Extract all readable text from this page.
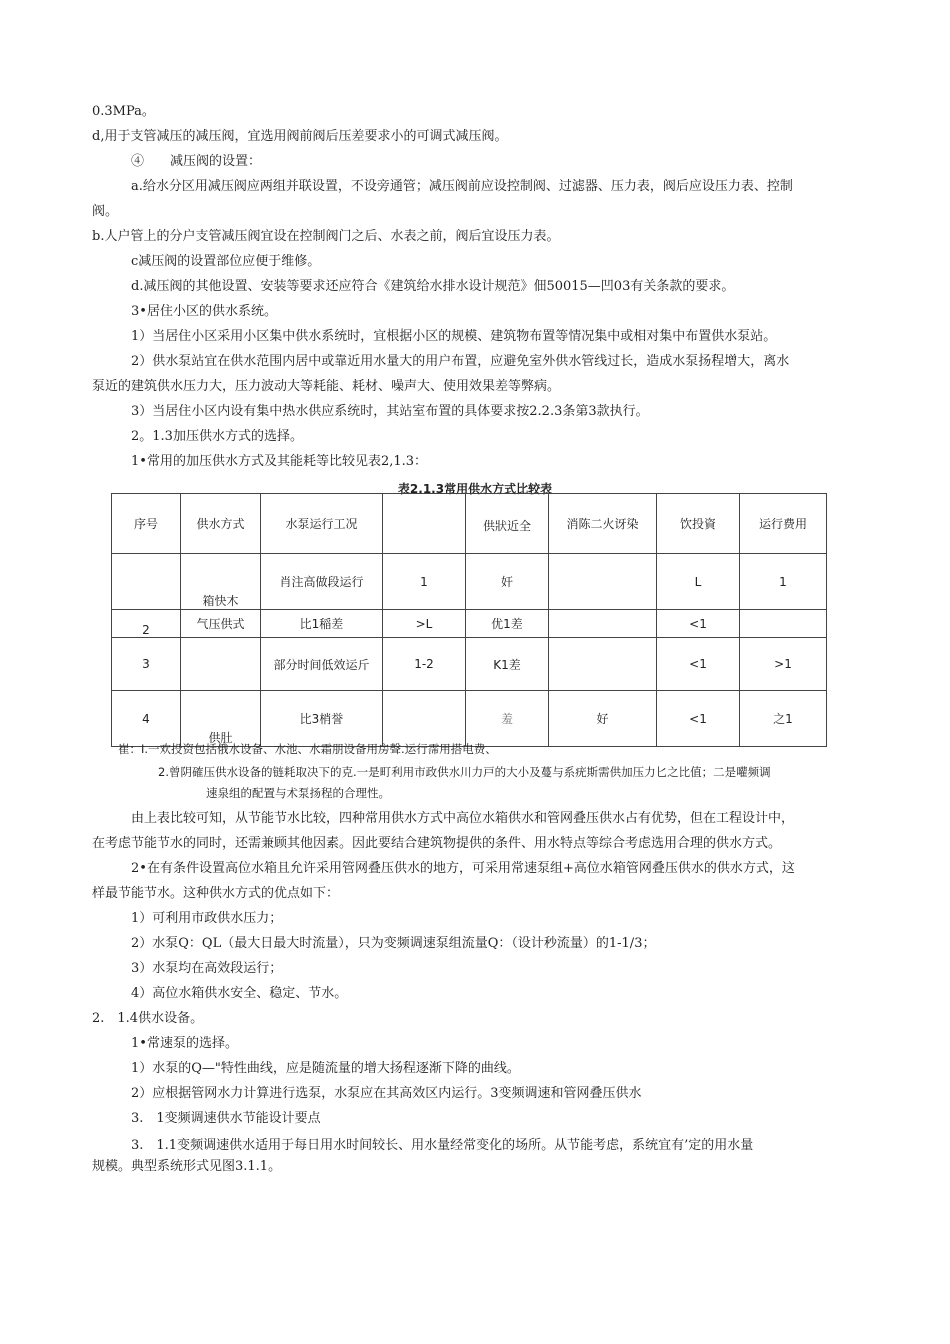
0.3MPa。
d,用于支管减压的减压阀，宜选用阀前阀后压差要求小的可调式减压阀。
④　　减压阀的设置：
a.给水分区用减压阀应两组并联设置，不设旁通管；减压阀前应设控制阀、过滤器、压力表，阀后应设压力表、控制
阀。
b.人户管上的分户支管减压阀宜设在控制阀门之后、水表之前，阀后宜设压力表。
c减压阀的设置部位应便于维修。
d.减压阀的其他设置、安装等要求还应符合《建筑给水排水设计规范》佃50015—凹03有关条款的要求。
3•居住小区的供水系统。
1）当居住小区采用小区集中供水系统时，宜根据小区的规模、建筑物布置等情况集中或相对集中布置供水泵站。
2）供水泵站宜在供水范围内居中或靠近用水量大的用户布置，应避免室外供水管线过长，造成水泵扬程增大，离水
泵近的建筑供水压力大，压力波动大等耗能、耗材、噪声大、使用效果差等弊病。
3）当居住小区内设有集中热水供应系统时，其站室布置的具体要求按2.2.3条第3款执行。
2。1.3加压供水方式的选择。
1•常用的加压供水方式及其能耗等比较见表2,1.3：
表2.1.3常用供水方式比较表
序号	供水方式	水泵运行工况		供狀近全	消陈二火讶染	饮投資	运行费用
	箱快木	肖注高做段运行	1	奸		L	1
2	气压供式	比1稲差	>L	优1差		<1	
3		部分时间低效运斤	1-2	K1差		<1	>1
4	供肚	比3梢誉		羞	好	<1	之1
崔：I.一欢投资包括俄水设备、水池、水霜朋设备用房聲.运行霈用搭电费、
2.曾阴確压供水设备的链耗取决下的克.一是町利用市政供水川力戸的大小及蔓与系疣斯需供加压力匕之比值；二是嚾频调
速泉组的配置与术泵扬程的合理性。
由上表比较可知，从节能节水比较，四种常用供水方式中高位水箱供水和管网叠压供水占有优势，但在工程设计中，
在考虑节能节水的同时，还需兼顾其他因素。因此要结合建筑物提供的条件、用水特点等综合考虑选用合理的供水方式。
2•在有条件设置高位水箱且允许采用管网叠压供水的地方，可采用常速泵组+高位水箱管网叠压供水的供水方式，这
样最节能节水。这种供水方式的优点如下：
1）可利用市政供水压力；
2）水泵Q：QL（最大日最大时流量），只为变频调速泵组流量Q：（设计秒流量）的1-1/3；
3）水泵均在高效段运行；
4）高位水箱供水安全、稳定、节水。
2.　1.4供水设备。
1•常速泵的选择。
1）水泵的Q—"特性曲线，应是随流量的增大扬程逐渐下降的曲线。
2）应根据管网水力计算进行选泵，水泵应在其高效区内运行。3变频调速和管网叠压供水
3.　1变频调速供水节能设计要点
3.　1.1变频调速供水适用于每日用水时间较长、用水量经常变化的场所。从节能考虑，系统宜有’定的用水量
规模。典型系统形式见图3.1.1。
